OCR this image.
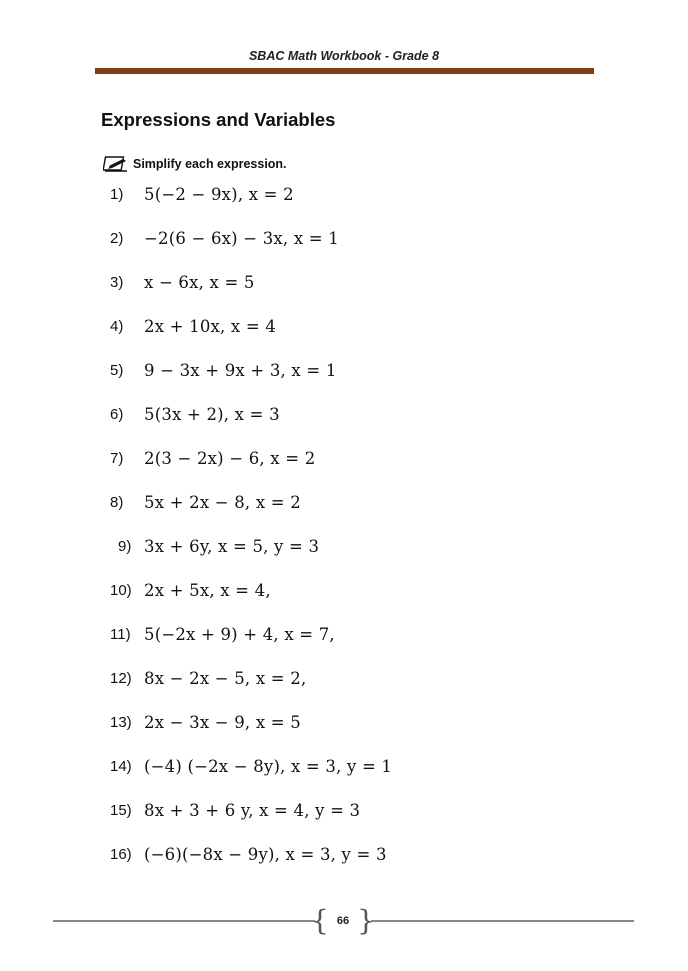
SBAC Math Workbook - Grade 8
Expressions and Variables
Simplify each expression.
1)	5(−2 − 9x), x = 2
2)	−2(6 − 6x) − 3x, x = 1
3)	x − 6x, x = 5
4)	2x + 10x, x = 4
5)	9 − 3x + 9x + 3, x = 1
6)	5(3x + 2), x = 3
7)	2(3 − 2x) − 6, x = 2
8)	5x + 2x − 8, x = 2
9) 3x + 6y, x = 5, y = 3
10) 2x + 5x, x = 4,
11) 5(−2x + 9) + 4, x = 7,
12) 8x − 2x − 5, x = 2,
13) 2x − 3x − 9, x = 5
14) (−4) (−2x − 8y), x = 3, y = 1
15) 8x + 3 + 6 y, x = 4, y = 3
16) (−6)(−8x − 9y), x = 3, y = 3
{ 66 }
